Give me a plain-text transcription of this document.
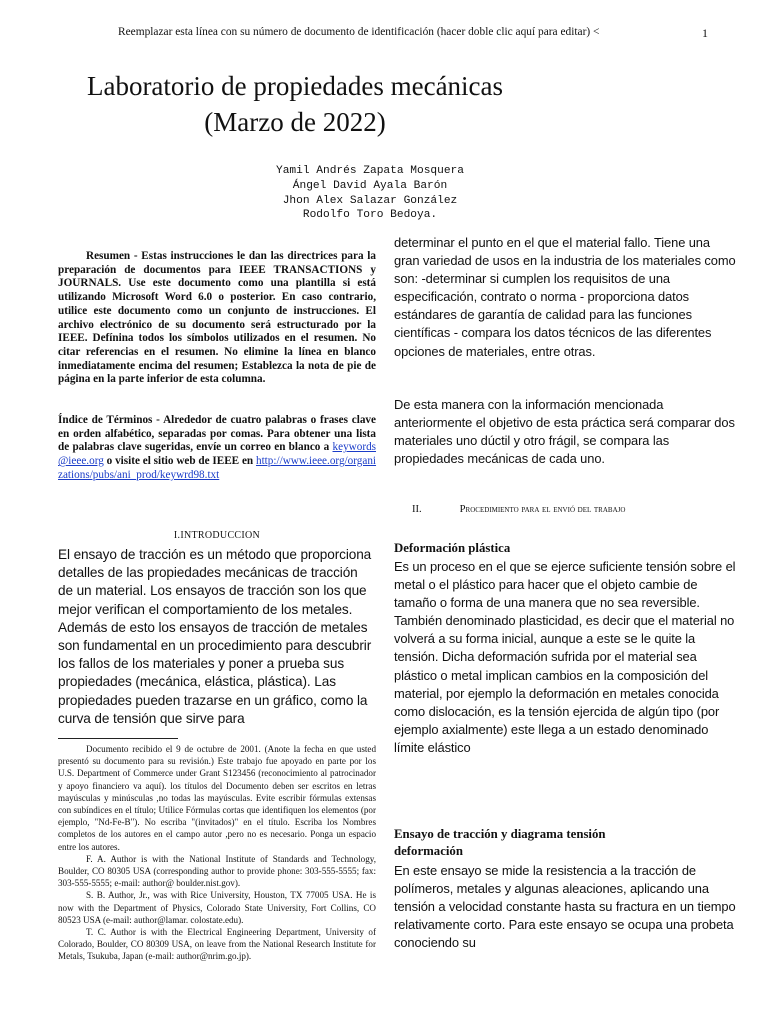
Reemplazar esta línea con su número de documento de identificación (hacer doble clic aquí para editar) <	1
Laboratorio de propiedades mecánicas
(Marzo de 2022)
Yamil Andrés Zapata Mosquera
Ángel David Ayala Barón
Jhon Alex Salazar González
Rodolfo Toro Bedoya.

Resumen - Estas instrucciones le dan las directrices para la preparación de documentos para IEEE TRANSACTIONS y JOURNALS. Use este documento como una plantilla si está utilizando Microsoft Word 6.0 o posterior. En caso contrario, utilice este documento como un conjunto de instrucciones. El archivo electrónico de su documento será estructurado por la IEEE. Defínina todos los símbolos utilizados en el resumen. No citar referencias en el resumen. No elimine la línea en blanco inmediatamente encima del resumen; Establezca la nota de pie de página en la parte inferior de esta columna.

Índice de Términos - Alrededor de cuatro palabras o frases clave en orden alfabético, separadas por comas. Para obtener una lista de palabras clave sugeridas, envíe un correo en blanco a keywords@ieee.org o visite el sitio web de IEEE en http://www.ieee.org/organizations/pubs/ani_prod/keywrd98.txt

I.INTRODUCCION
El ensayo de tracción es un método que proporciona detalles de las propiedades mecánicas de tracción de un material. Los ensayos de tracción son los que mejor verifican el comportamiento de los metales. Además de esto los ensayos de tracción de metales son fundamental en un procedimiento para descubrir los fallos de los materiales y poner a prueba sus propiedades (mecánica, elástica, plástica). Las propiedades pueden trazarse en un gráfico, como la curva de tensión que sirve para

Documento recibido el 9 de octubre de 2001. (Anote la fecha en que usted presentó su documento para su revisión.) Este trabajo fue apoyado en parte por los U.S. Department of Commerce under Grant S123456 (reconocimiento al patrocinador y apoyo financiero va aquí). los títulos del Documento deben ser escritos en letras mayúsculas y minúsculas ,no todas las mayúsculas. Evite escribir fórmulas extensas con subíndices en el título; Utilice Fórmulas cortas que identifiquen los elementos (por ejemplo, "Nd-Fe-B"). No escriba "(invitados)" en el título. Escriba los Nombres completos de los autores en el campo autor ,pero no es necesario. Ponga un espacio entre los autores.

F. A. Author is with the National Institute of Standards and Technology, Boulder, CO 80305 USA (corresponding author to provide phone: 303-555-5555; fax: 303-555-5555; e-mail: author@ boulder.nist.gov).

S. B. Author, Jr., was with Rice University, Houston, TX 77005 USA. He is now with the Department of Physics, Colorado State University, Fort Collins, CO 80523 USA (e-mail: author@lamar. colostate.edu).

T. C. Author is with the Electrical Engineering Department, University of Colorado, Boulder, CO 80309 USA, on leave from the National Research Institute for Metals, Tsukuba, Japan (e-mail: author@nrim.go.jp).

determinar el punto en el que el material fallo. Tiene una gran variedad de usos en la industria de los materiales como son: -determinar si cumplen los requisitos de una especificación, contrato o norma - proporciona datos estándares de garantía de calidad para las funciones científicas - compara los datos técnicos de las diferentes opciones de materiales, entre otras.
De esta manera con la información mencionada anteriormente el objetivo de esta práctica será comparar dos materiales uno dúctil y otro frágil, se compara las propiedades mecánicas de cada uno.
II.	Procedimiento para el envió del trabajo
Deformación plástica
Es un proceso en el que se ejerce suficiente tensión sobre el metal o el plástico para hacer que el objeto cambie de tamaño o forma de una manera que no sea reversible. También denominado plasticidad, es decir que el material no volverá a su forma inicial, aunque a este se le quite la tensión. Dicha deformación sufrida por el material sea plástico o metal implican cambios en la composición del material, por ejemplo la deformación en metales conocida como dislocación, es la tensión ejercida de algún tipo (por ejemplo axialmente) este llega a un estado denominado límite elástico
Ensayo de tracción y diagrama tensión deformación
En este ensayo se mide la resistencia a la tracción de polímeros, metales y algunas aleaciones, aplicando una tensión a velocidad constante hasta su fractura en un tiempo relativamente corto. Para este ensayo se ocupa una probeta conociendo su
